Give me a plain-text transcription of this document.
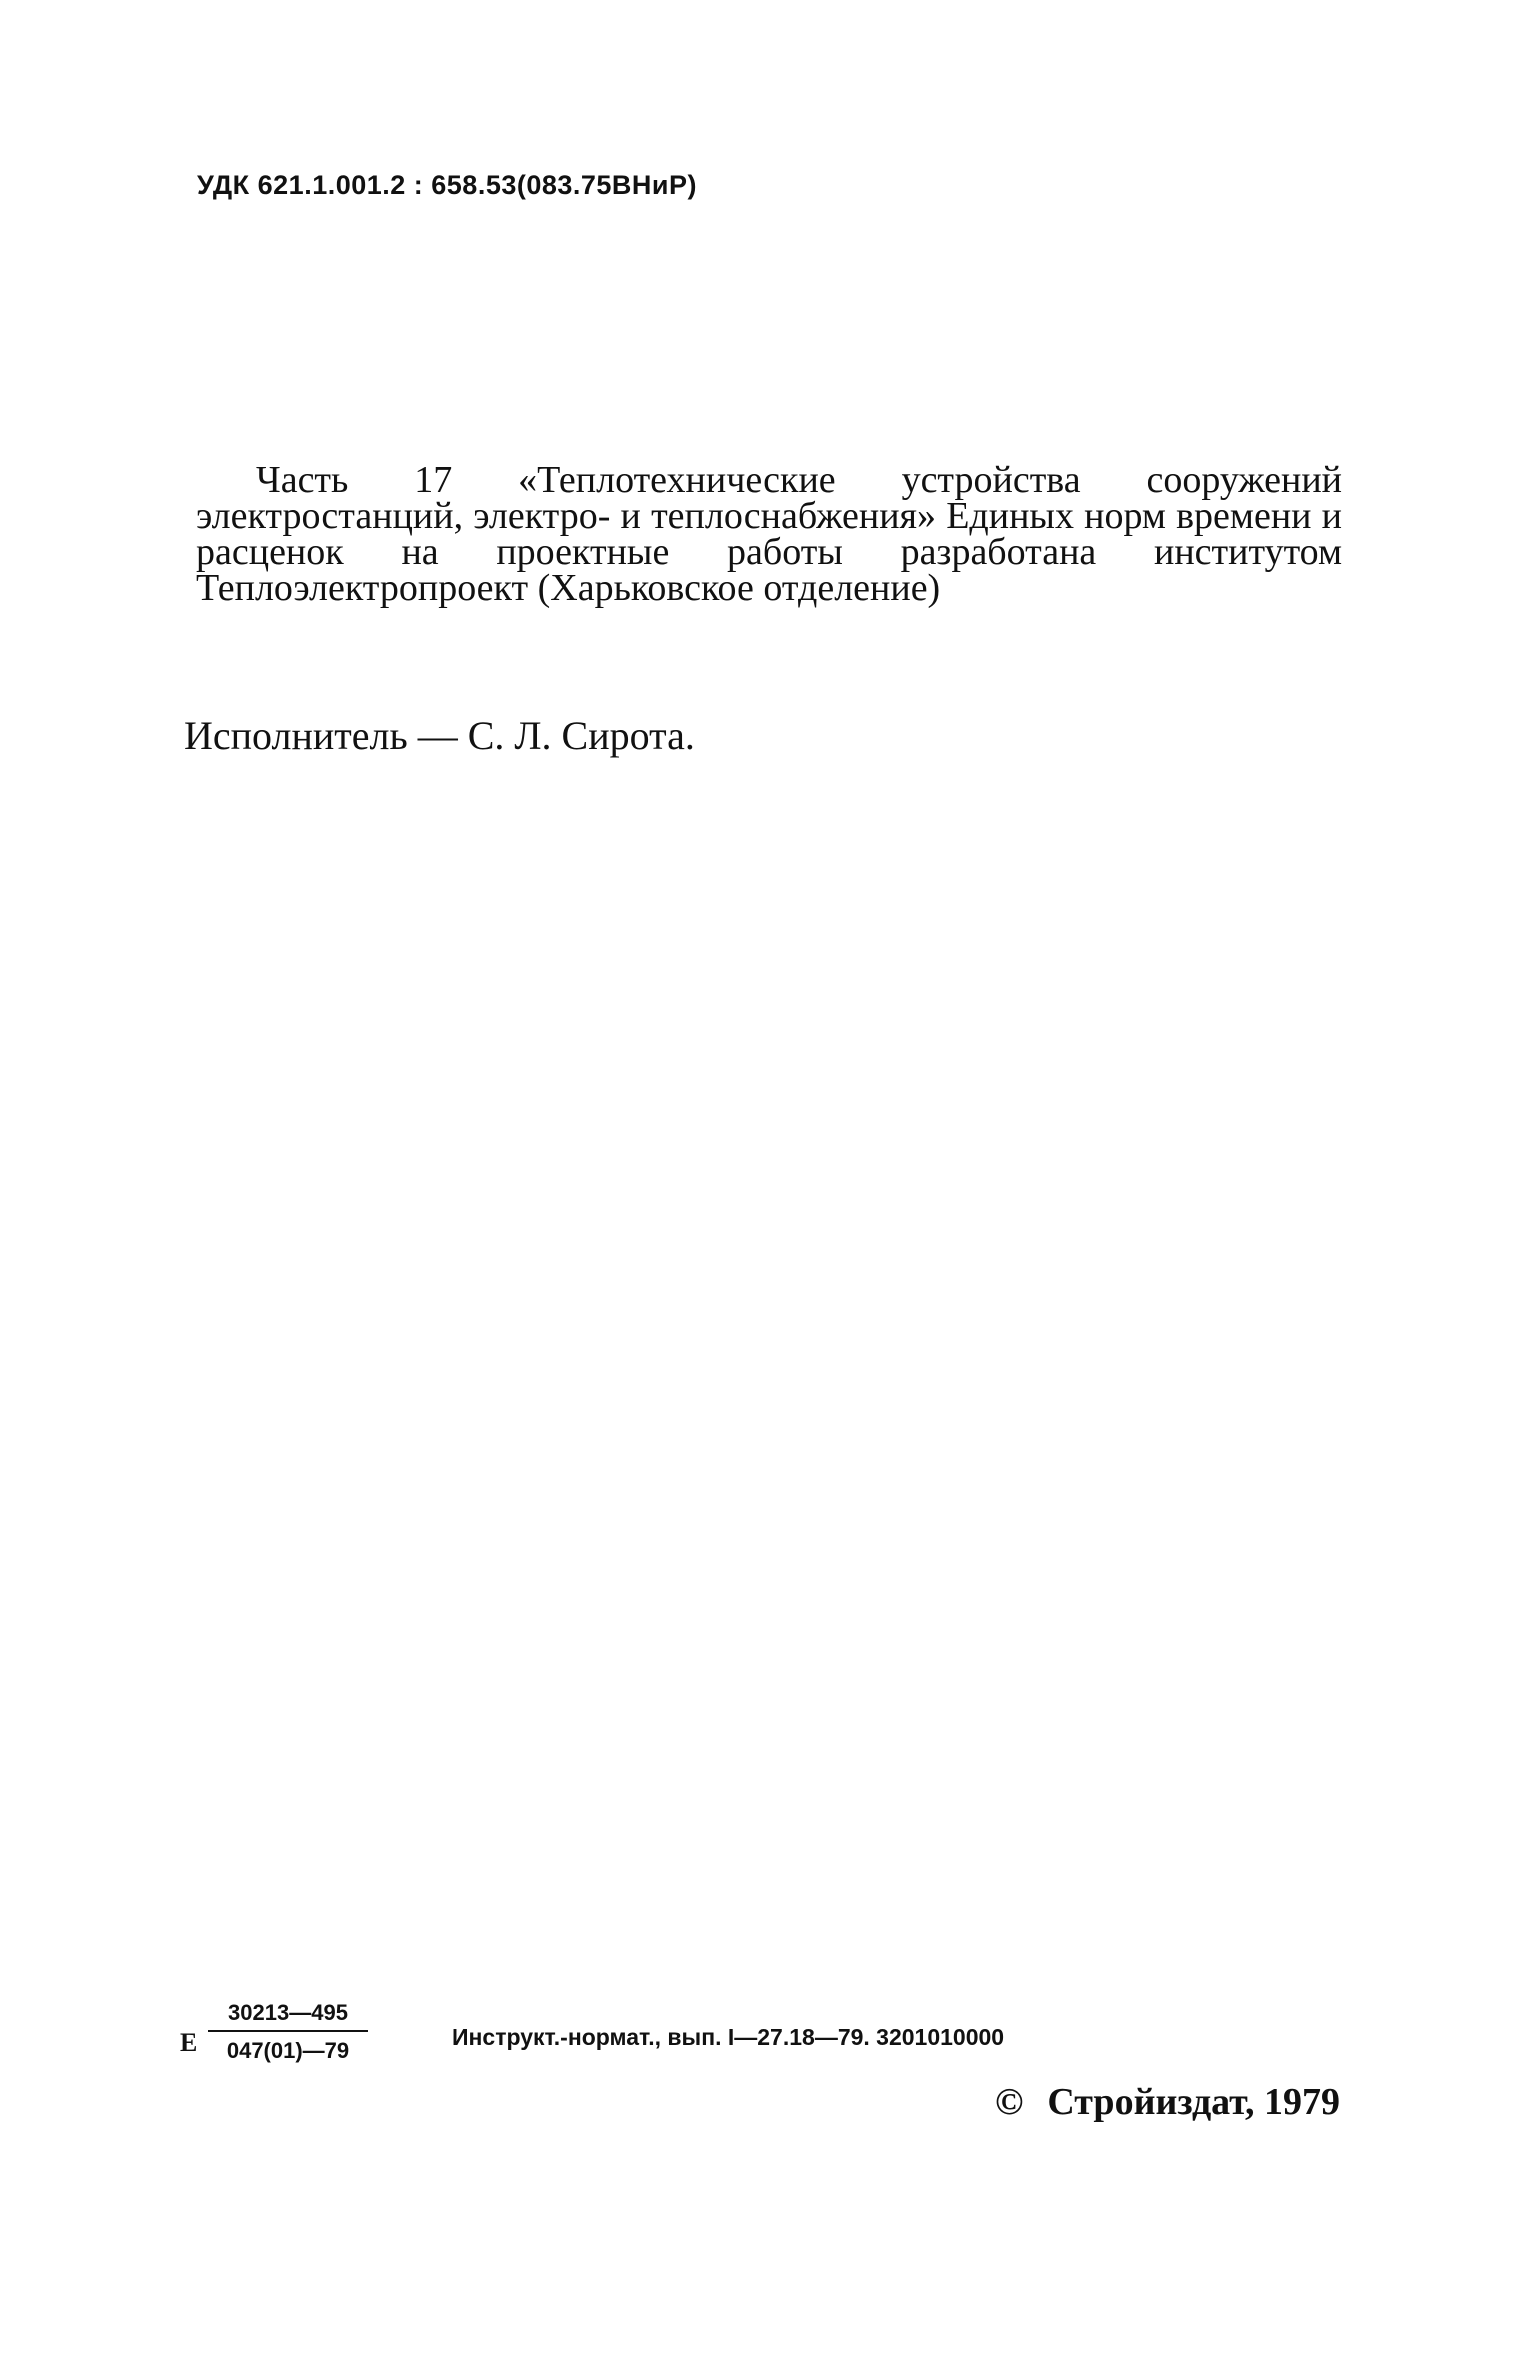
УДК 621.1.001.2 : 658.53(083.75ВНиР)

Часть 17 «Теплотехнические устройства сооружений электростанций, электро- и теплоснабжения» Единых норм времени и расценок на проектные работы разработана институтом Теплоэлектропроект (Харьковское отделение)

Исполнитель — С. Л. Сирота.
Е $\frac{30213—495}{047(01)—79}$	Инструкт.-нормат., вып. I—27.18—79. 3201010000
© Стройиздат, 1979
